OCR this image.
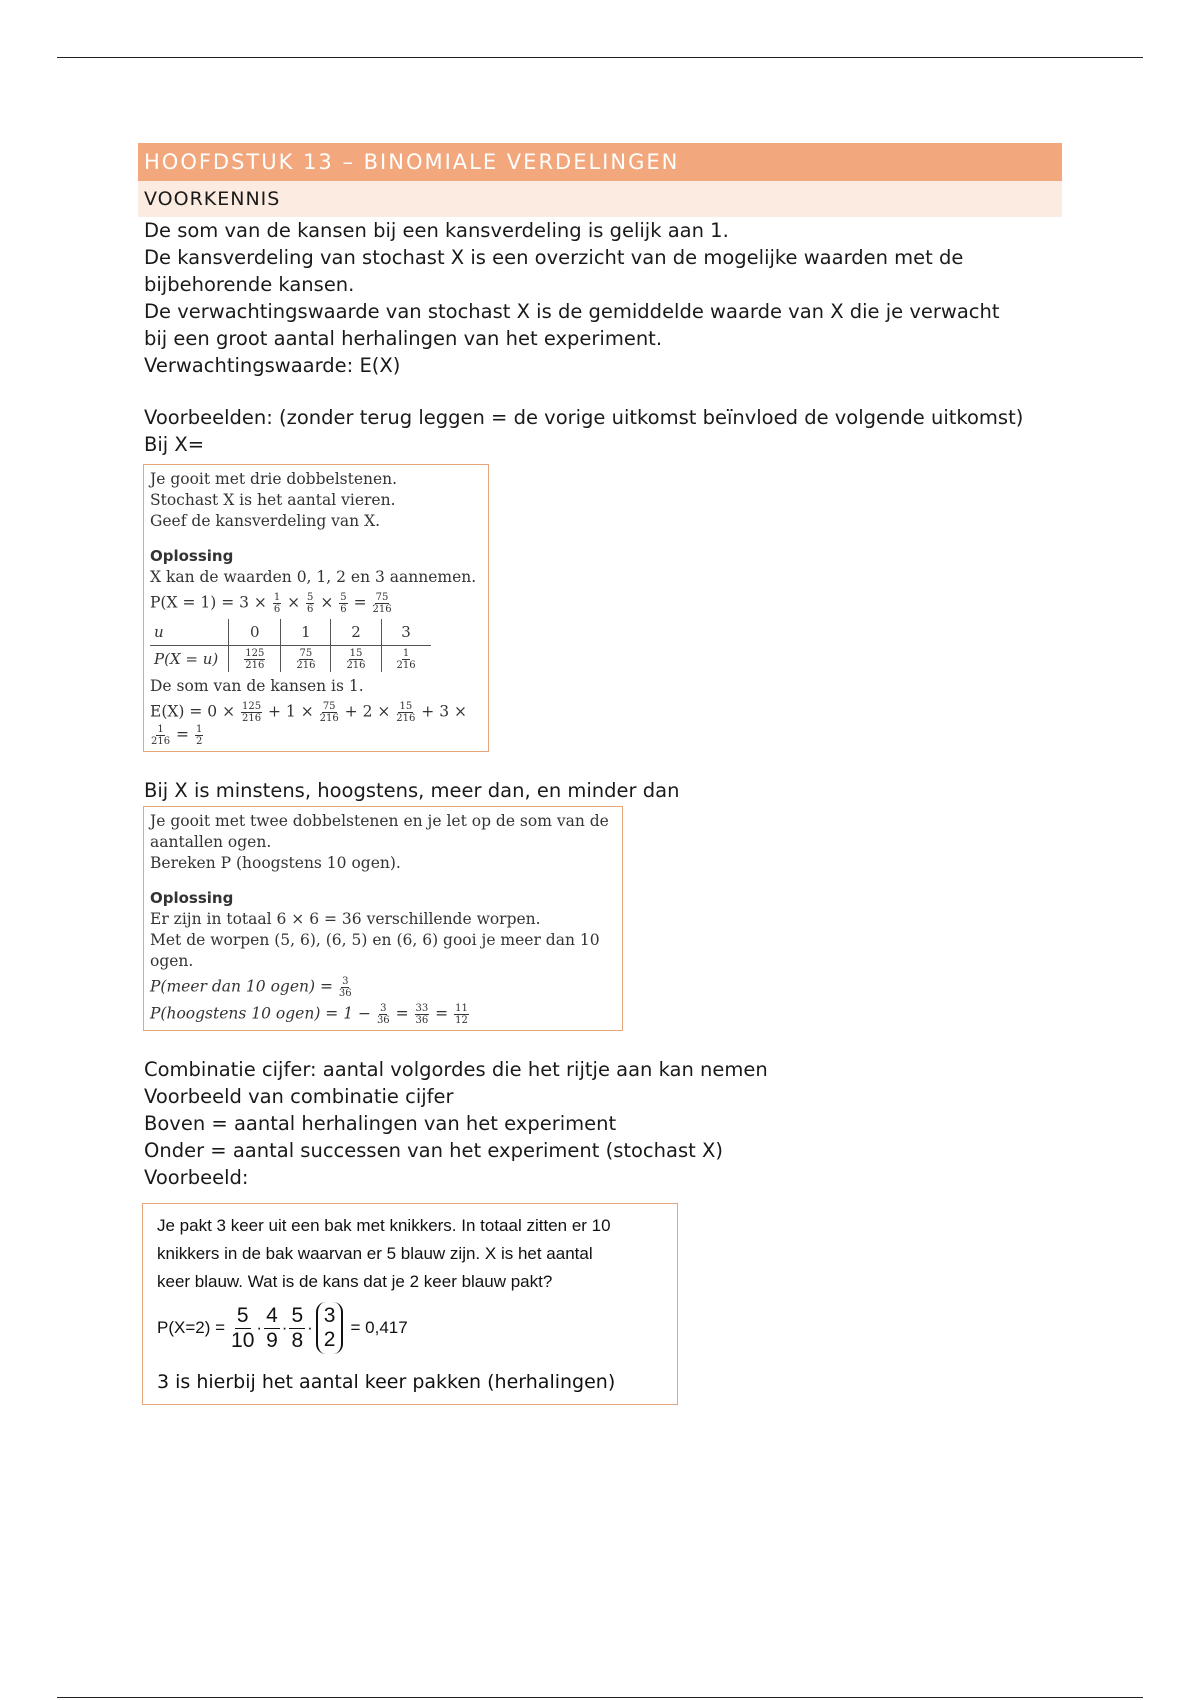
HOOFDSTUK 13 – BINOMIALE VERDELINGEN
VOORKENNIS

De som van de kansen bij een kansverdeling is gelijk aan 1.

De kansverdeling van stochast X is een overzicht van de mogelijke waarden met de

bijbehorende kansen.

De verwachtingswaarde van stochast X is de gemiddelde waarde van X die je verwacht

bij een groot aantal herhalingen van het experiment.

Verwachtingswaarde: E(X)

Voorbeelden: (zonder terug leggen = de vorige uitkomst beïnvloed de volgende uitkomst)

Bij X=

Je gooit met drie dobbelstenen.
Stochast X is het aantal vieren.
Geef de kansverdeling van X.
Oplossing
X kan de waarden 0, 1, 2 en 3 aannemen.
$P(X = 1) = 3 \times \frac{1}{6} \times \frac{5}{6} \times \frac{5}{6} = \frac{75}{216}$
u	0	1	2	3
P(X = u)	$\frac{125}{216}$	$\frac{75}{216}$	$\frac{15}{216}$	$\frac{1}{216}$
De som van de kansen is 1.
$E(X) = 0 \times \frac{125}{216} + 1 \times \frac{75}{216} + 2 \times \frac{15}{216} + 3$ ×
$\frac{1}{216} = \frac{1}{2}$

Bij X is minstens, hoogstens, meer dan, en minder dan

Je gooit met twee dobbelstenen en je let op de som van de
aantallen ogen.
Bereken P (hoogstens 10 ogen).
Oplossing
Er zijn in totaal 6 × 6 = 36 verschillende worpen.
Met de worpen (5, 6), (6, 5) en (6, 6) gooi je meer dan 10 ogen.
P(meer dan 10 ogen) = $\frac{3}{36}$
P(hoogstens 10 ogen) = $1 - \frac{3}{36} = \frac{33}{36} = \frac{11}{12}$

Combinatie cijfer: aantal volgordes die het rijtje aan kan nemen

Voorbeeld van combinatie cijfer

Boven = aantal herhalingen van het experiment

Onder = aantal successen van het experiment (stochast X)

Voorbeeld:

Je pakt 3 keer uit een bak met knikkers. In totaal zitten er 10
knikkers in de bak waarvan er 5 blauw zijn. X is het aantal
keer blauw. Wat is de kans dat je 2 keer blauw pakt?
$P(X=2) = \frac{5}{10}$ ·
4
9
·
5
8
·
3
2
= 0,417
3 is hierbij het aantal keer pakken (herhalingen)
